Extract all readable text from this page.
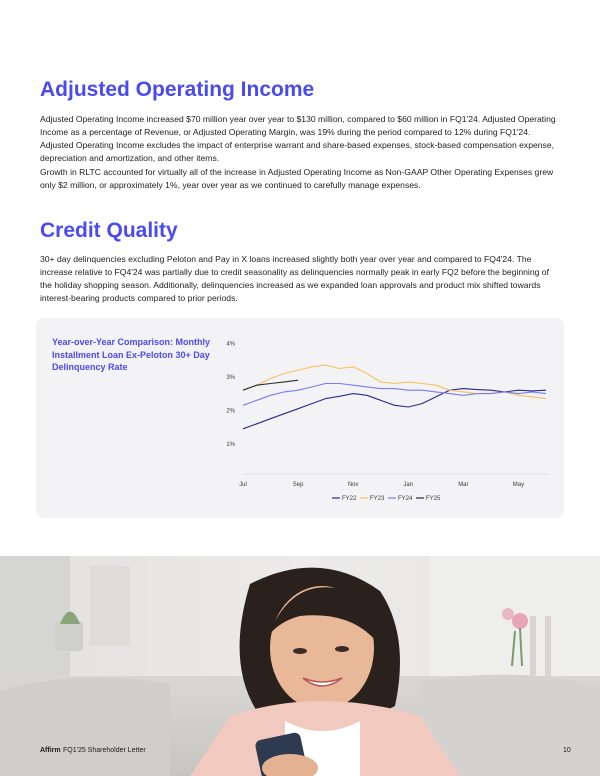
Adjusted Operating Income

Adjusted Operating Income increased $70 million year over year to $130 million, compared to $60 million in FQ1'24. Adjusted Operating Income as a percentage of Revenue, or Adjusted Operating Margin, was 19% during the period compared to 12% during FQ1'24. Adjusted Operating Income excludes the impact of enterprise warrant and share-based expenses, stock-based compensation expense, depreciation and amortization, and other items.

Growth in RLTC accounted for virtually all of the increase in Adjusted Operating Income as Non-GAAP Other Operating Expenses grew only $2 million, or approximately 1%, year over year as we continued to carefully manage expenses.

Credit Quality

30+ day delinquencies excluding Peloton and Pay in X loans increased slightly both year over year and compared to FQ4'24. The increase relative to FQ4'24 was partially due to credit seasonality as delinquencies normally peak in early FQ2 before the beginning of the holiday shopping season. Additionally, delinquencies increased as we expanded loan approvals and product mix shifted towards interest-bearing products compared to prior periods.

Year-over-Year Comparison: Monthly Installment Loan Ex-Peloton 30+ Day Delinquency Rate

1%
2%
3%
4%
Jul	Sep	Nov	Jan	Mar	May
FY22 FY23 FY24 FY25
Affirm FQ1'25 Shareholder Letter	10
